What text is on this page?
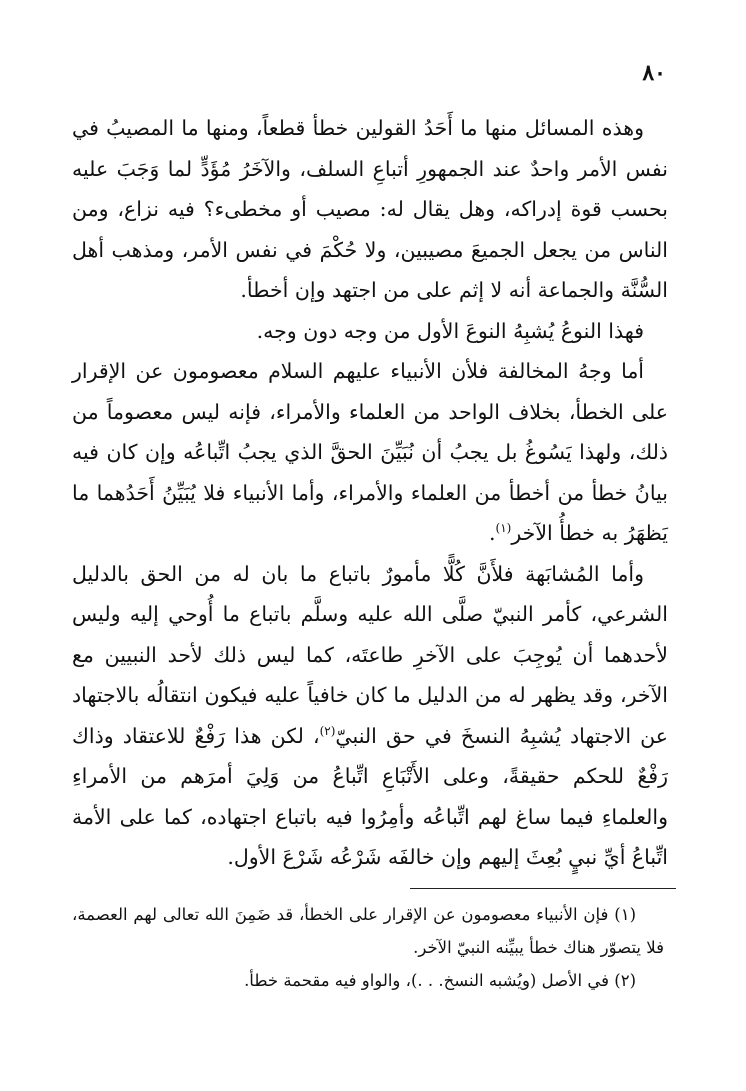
٨٠

وهذه المسائل منها ما أَحَدُ القولين خطأ قطعاً، ومنها ما المصيبُ في نفس الأمر واحدٌ عند الجمهورِ أتباعِ السلف، والآخَرُ مُؤَدٍّ لما وَجَبَ عليه بحسب قوة إدراكه، وهل يقال له: مصيب أو مخطىء؟ فيه نزاع، ومن الناس من يجعل الجميعَ مصيبين، ولا حُكْمَ في نفس الأمر، ومذهب أهل السُّنَّة والجماعة أنه لا إثم على من اجتهد وإن أخطأ.

فهذا النوعُ يُشبِهُ النوعَ الأول من وجه دون وجه.

أما وجهُ المخالفة فلأن الأنبياء عليهم السلام معصومون عن الإقرار على الخطأ، بخلاف الواحد من العلماء والأمراء، فإنه ليس معصوماً من ذلك، ولهذا يَسُوغُ بل يجبُ أن نُبَيِّنَ الحقَّ الذي يجبُ اتِّباعُه وإن كان فيه بيانُ خطأ من أخطأ من العلماء والأمراء، وأما الأنبياء فلا يُبَيِّنُ أَحَدُهما ما يَظهَرُ به خطأُ الآخر$^{(١)}$.

وأما المُشابَهة فلأَنَّ كُلًّا مأمورٌ باتباع ما بان له من الحق بالدليل الشرعي، كأمر النبيّ صلَّى الله عليه وسلَّم باتباع ما أُوحي إليه وليس لأحدهما أن يُوجِبَ على الآخرِ طاعتَه، كما ليس ذلك لأحد النبيين مع الآخر، وقد يظهر له من الدليل ما كان خافياً عليه فيكون انتقالُه بالاجتهاد عن الاجتهاد يُشبِهُ النسخَ في حق النبيّ$^{(٢)}$، لكن هذا رَفْعٌ للاعتقاد وذاك رَفْعٌ للحكم حقيقةً، وعلى الأَتْبَاعِ اتِّباعُ من وَلِيَ أمرَهم من الأمراءِ والعلماءِ فيما ساغ لهم اتِّباعُه وأمِرُوا فيه باتباع اجتهاده، كما على الأمة اتِّباعُ أيِّ نبيٍ بُعِثَ إليهم وإن خالفَه شَرْعُه شَرْعَ الأول.

(١) فإن الأنبياء معصومون عن الإقرار على الخطأ، قد ضَمِنَ الله تعالى لهم العصمة، فلا يتصوّر هناك خطأ يبيِّنه النبيّ الآخر.

(٢) في الأصل (ويُشبه النسخ. . .)، والواو فيه مقحمة خطأ.
